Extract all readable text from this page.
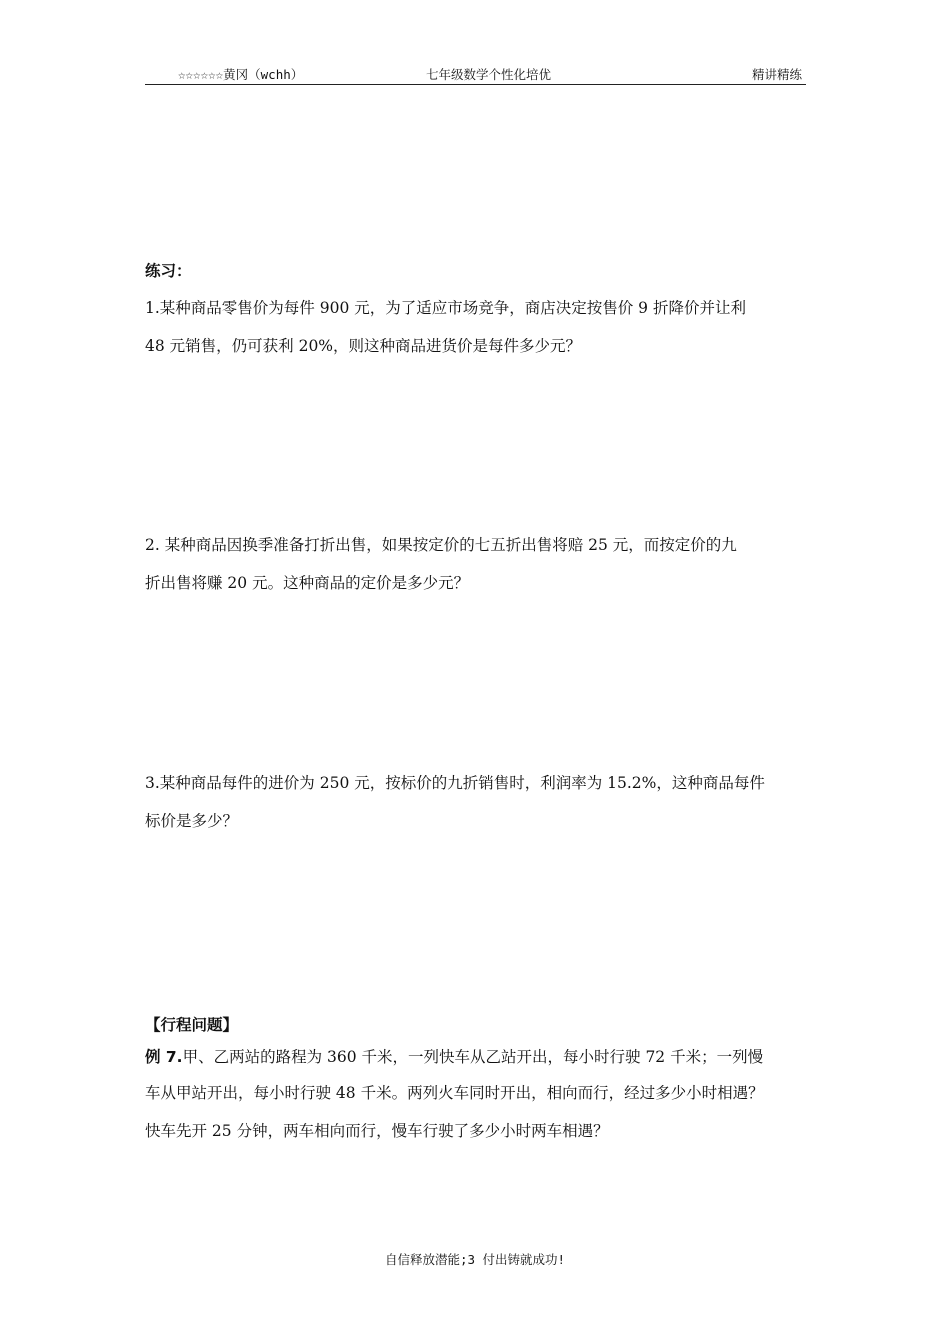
☆☆☆☆☆☆黄冈（wchh）	七年级数学个性化培优	精讲精练
练习：
1.某种商品零售价为每件 900 元，为了适应市场竞争，商店决定按售价 9 折降价并让利
48 元销售，仍可获利 20%，则这种商品进货价是每件多少元？
2. 某种商品因换季准备打折出售，如果按定价的七五折出售将赔 25 元，而按定价的九
折出售将赚 20 元。这种商品的定价是多少元？
3.某种商品每件的进价为 250 元，按标价的九折销售时，利润率为 15.2%，这种商品每件
标价是多少？
【行程问题】
例 7.甲、乙两站的路程为 360 千米，一列快车从乙站开出，每小时行驶 72 千米；一列慢
车从甲站开出，每小时行驶 48 千米。两列火车同时开出，相向而行，经过多少小时相遇？
快车先开 25 分钟，两车相向而行，慢车行驶了多少小时两车相遇？
自信释放潜能;3 付出铸就成功!
